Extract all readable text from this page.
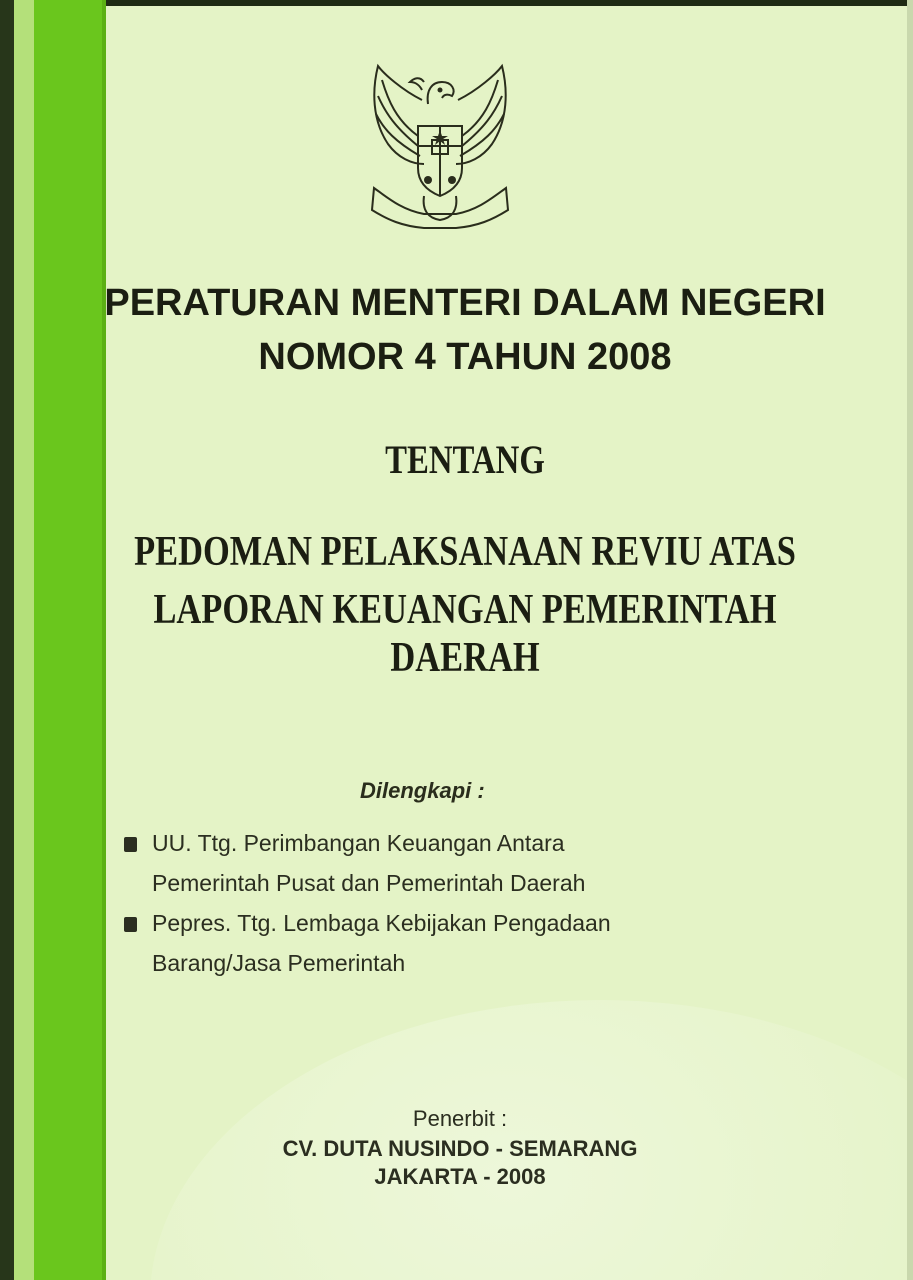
PERATURAN MENTERI DALAM NEGERI
NOMOR 4 TAHUN 2008
TENTANG
PEDOMAN PELAKSANAAN REVIU ATAS
LAPORAN KEUANGAN PEMERINTAH DAERAH
Dilengkapi :
UU. Ttg. Perimbangan Keuangan Antara
Pemerintah Pusat dan Pemerintah Daerah
Pepres. Ttg. Lembaga Kebijakan Pengadaan
Barang/Jasa Pemerintah
Penerbit :
CV. DUTA NUSINDO - SEMARANG
JAKARTA - 2008
